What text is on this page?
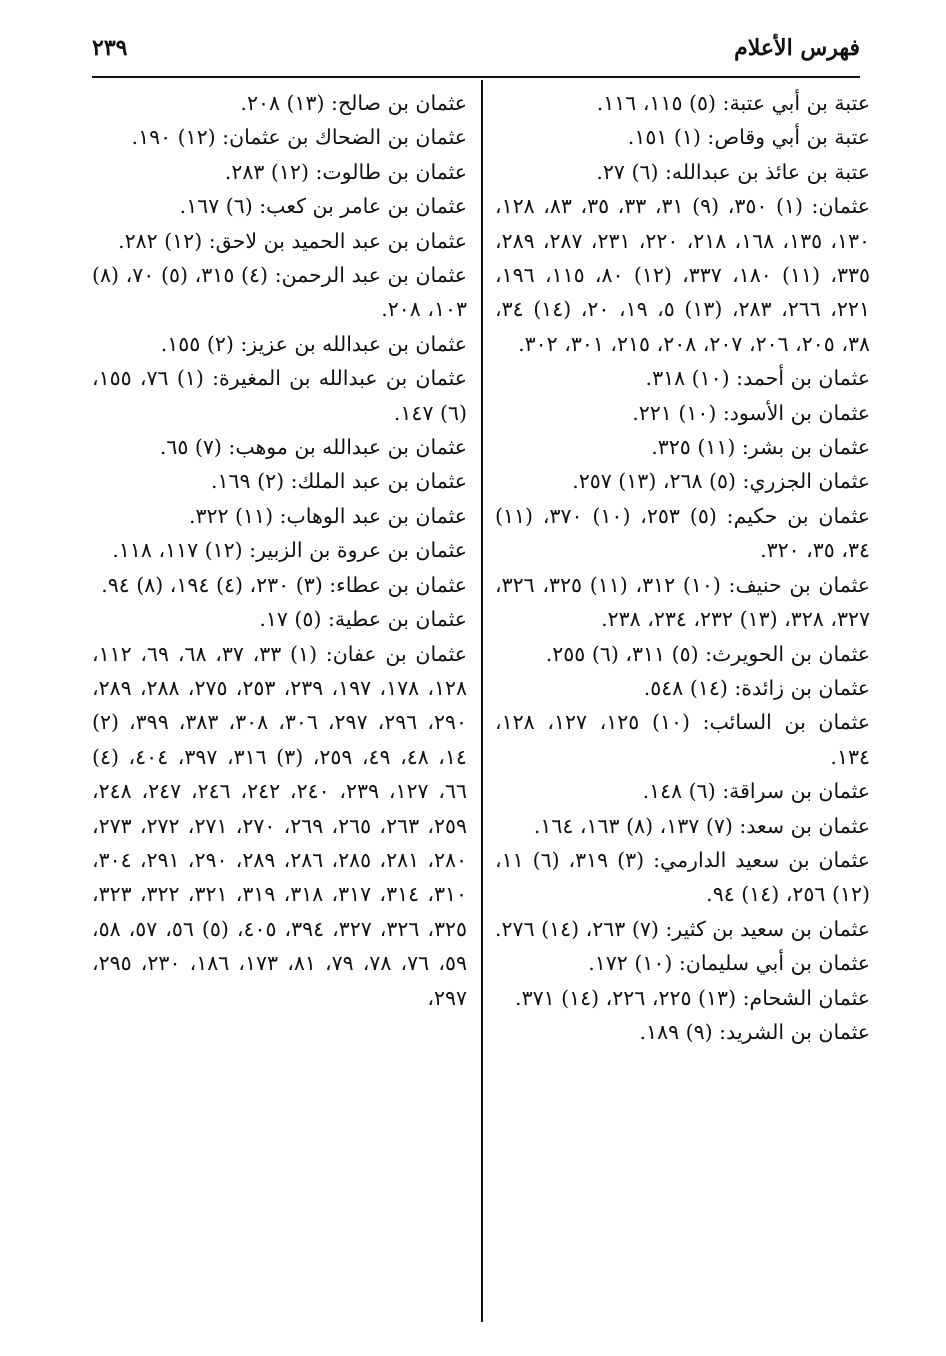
فهرس الأعلام
٢٣٩

عتبة بن أبي عتبة: (٥) ١١٥، ١١٦.

عتبة بن أبي وقاص: (١) ١٥١.

عتبة بن عائذ بن عبدالله: (٦) ٢٧.

عثمان: (١) ٣٥٠، (٩) ٣١، ٣٣، ٣٥، ٨٣، ١٢٨، ١٣٠، ١٣٥، ١٦٨، ٢١٨، ٢٢٠، ٢٣١، ٢٨٧، ٢٨٩، ٣٣٥، (١١) ١٨٠، ٣٣٧، (١٢) ٨٠، ١١٥، ١٩٦، ٢٢١، ٢٦٦، ٢٨٣، (١٣) ٥، ١٩، ٢٠، (١٤) ٣٤، ٣٨، ٢٠٥، ٢٠٦، ٢٠٧، ٢٠٨، ٢١٥، ٣٠١، ٣٠٢.

عثمان بن أحمد: (١٠) ٣١٨.

عثمان بن الأسود: (١٠) ٢٢١.

عثمان بن بشر: (١١) ٣٢٥.

عثمان الجزري: (٥) ٢٦٨، (١٣) ٢٥٧.

عثمان بن حكيم: (٥) ٢٥٣، (١٠) ٣٧٠، (١١) ٣٤، ٣٥، ٣٢٠.

عثمان بن حنيف: (١٠) ٣١٢، (١١) ٣٢٥، ٣٢٦، ٣٢٧، ٣٢٨، (١٣) ٢٣٢، ٢٣٤، ٢٣٨.

عثمان بن الحويرث: (٥) ٣١١، (٦) ٢٥٥.

عثمان بن زائدة: (١٤) ٥٤٨.

عثمان بن السائب: (١٠) ١٢٥، ١٢٧، ١٢٨، ١٣٤.

عثمان بن سراقة: (٦) ١٤٨.

عثمان بن سعد: (٧) ١٣٧، (٨) ١٦٣، ١٦٤.

عثمان بن سعيد الدارمي: (٣) ٣١٩، (٦) ١١، (١٢) ٢٥٦، (١٤) ٩٤.

عثمان بن سعيد بن كثير: (٧) ٢٦٣، (١٤) ٢٧٦.

عثمان بن أبي سليمان: (١٠) ١٧٢.

عثمان الشحام: (١٣) ٢٢٥، ٢٢٦، (١٤) ٣٧١.

عثمان بن الشريد: (٩) ١٨٩.

عثمان بن صالح: (١٣) ٢٠٨.

عثمان بن الضحاك بن عثمان: (١٢) ١٩٠.

عثمان بن طالوت: (١٢) ٢٨٣.

عثمان بن عامر بن كعب: (٦) ١٦٧.

عثمان بن عبد الحميد بن لاحق: (١٢) ٢٨٢.

عثمان بن عبد الرحمن: (٤) ٣١٥، (٥) ٧٠، (٨) ١٠٣، ٢٠٨.

عثمان بن عبدالله بن عزيز: (٢) ١٥٥.

عثمان بن عبدالله بن المغيرة: (١) ٧٦، ١٥٥، (٦) ١٤٧.

عثمان بن عبدالله بن موهب: (٧) ٦٥.

عثمان بن عبد الملك: (٢) ١٦٩.

عثمان بن عبد الوهاب: (١١) ٣٢٢.

عثمان بن عروة بن الزبير: (١٢) ١١٧، ١١٨.

عثمان بن عطاء: (٣) ٢٣٠، (٤) ١٩٤، (٨) ٩٤.

عثمان بن عطية: (٥) ١٧.

عثمان بن عفان: (١) ٣٣، ٣٧، ٦٨، ٦٩، ١١٢، ١٢٨، ١٧٨، ١٩٧، ٢٣٩، ٢٥٣، ٢٧٥، ٢٨٨، ٢٨٩، ٢٩٠، ٢٩٦، ٢٩٧، ٣٠٦، ٣٠٨، ٣٨٣، ٣٩٩، (٢) ١٤، ٤٨، ٤٩، ٢٥٩، (٣) ٣١٦، ٣٩٧، ٤٠٤، (٤) ٦٦، ١٢٧، ٢٣٩، ٢٤٠، ٢٤٢، ٢٤٦، ٢٤٧، ٢٤٨، ٢٥٩، ٢٦٣، ٢٦٥، ٢٦٩، ٢٧٠، ٢٧١، ٢٧٢، ٢٧٣، ٢٨٠، ٢٨١، ٢٨٥، ٢٨٦، ٢٨٩، ٢٩٠، ٢٩١، ٣٠٤، ٣١٠، ٣١٤، ٣١٧، ٣١٨، ٣١٩، ٣٢١، ٣٢٢، ٣٢٣، ٣٢٥، ٣٢٦، ٣٢٧، ٣٩٤، ٤٠٥، (٥) ٥٦، ٥٧، ٥٨، ٥٩، ٧٦، ٧٨، ٧٩، ٨١، ١٧٣، ١٨٦، ٢٣٠، ٢٩٥، ٢٩٧،
